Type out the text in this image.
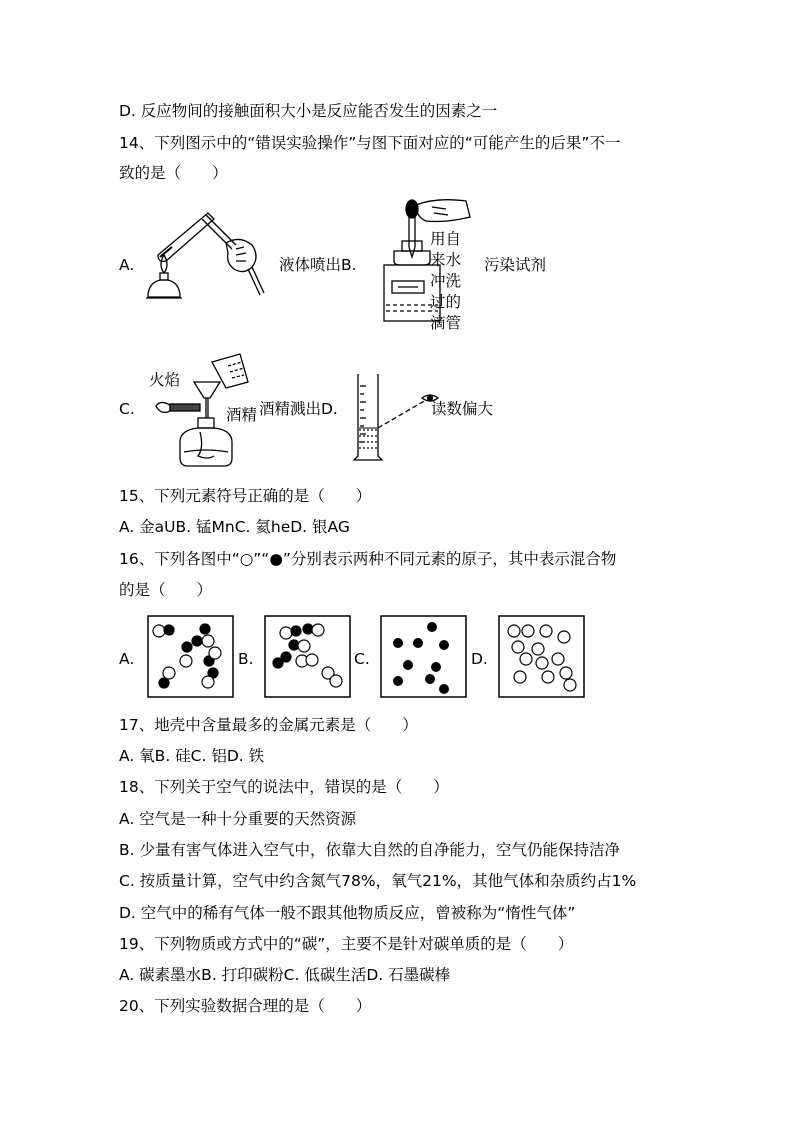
D. 反应物间的接触面积大小是反应能否发生的因素之一
14、下列图示中的“错误实验操作”与图下面对应的“可能产生的后果”不一
致的是（　　）
A.	液体喷出B.
用自
来水
冲洗
过的
滴管
污染试剂
C.
火焰
酒精 酒精溅出D.	读数偏大
15、下列元素符号正确的是（　　）
A. 金aUB. 锰MnC. 氦heD. 银AG
16、下列各图中“○”“●”分别表示两种不同元素的原子，其中表示混合物
的是（　　）
A.	B.	C.	D.
17、地壳中含量最多的金属元素是（　　）
A. 氧B. 硅C. 铝D. 铁
18、下列关于空气的说法中，错误的是（　　）
A. 空气是一种十分重要的天然资源
B. 少量有害气体进入空气中，依靠大自然的自净能力，空气仍能保持洁净
C. 按质量计算，空气中约含氮气78%，氧气21%，其他气体和杂质约占1%
D. 空气中的稀有气体一般不跟其他物质反应，曾被称为“惰性气体”
19、下列物质或方式中的“碳”，主要不是针对碳单质的是（　　）
A. 碳素墨水B. 打印碳粉C. 低碳生活D. 石墨碳棒
20、下列实验数据合理的是（　　）
